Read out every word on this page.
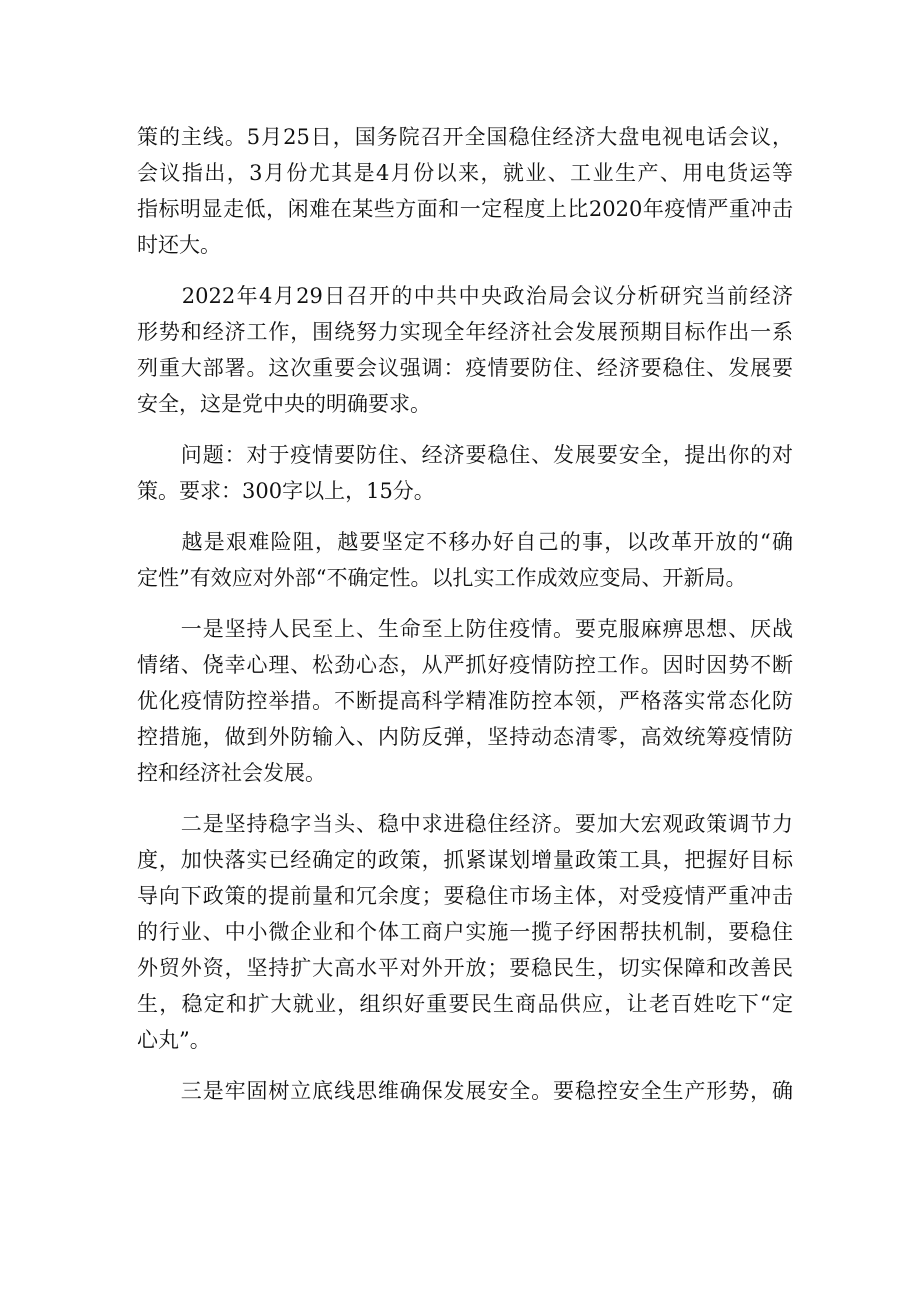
策的主线。5月25日，国务院召开全国稳住经济大盘电视电话会议，
会议指出，3月份尤其是4月份以来，就业、工业生产、用电货运等
指标明显走低，闲难在某些方面和一定程度上比2020年疫情严重冲击
时还大。
　　2022年4月29日召开的中共中央政治局会议分析研究当前经济
形势和经济工作，围绕努力实现全年经济社会发展预期目标作出一系
列重大部署。这次重要会议强调：疫情要防住、经济要稳住、发展要
安全，这是党中央的明确要求。
　　问题：对于疫情要防住、经济要稳住、发展要安全，提出你的对
策。要求：300字以上，15分。
　　越是艰难险阻，越要坚定不移办好自己的事，以改革开放的“确
定性”有效应对外部“不确定性。以扎实工作成效应变局、开新局。
　　一是坚持人民至上、生命至上防住疫情。要克服麻痹思想、厌战
情绪、侥幸心理、松劲心态，从严抓好疫情防控工作。因时因势不断
优化疫情防控举措。不断提高科学精准防控本领，严格落实常态化防
控措施，做到外防输入、内防反弹，坚持动态清零，高效统筹疫情防
控和经济社会发展。
　　二是坚持稳字当头、稳中求进稳住经济。要加大宏观政策调节力
度，加快落实已经确定的政策，抓紧谋划增量政策工具，把握好目标
导向下政策的提前量和冗余度；要稳住市场主体，对受疫情严重冲击
的行业、中小微企业和个体工商户实施一揽子纾困帮扶机制，要稳住
外贸外资，坚持扩大高水平对外开放；要稳民生，切实保障和改善民
生，稳定和扩大就业，组织好重要民生商品供应，让老百姓吃下“定
心丸”。
　　三是牢固树立底线思维确保发展安全。要稳控安全生产形势，确
